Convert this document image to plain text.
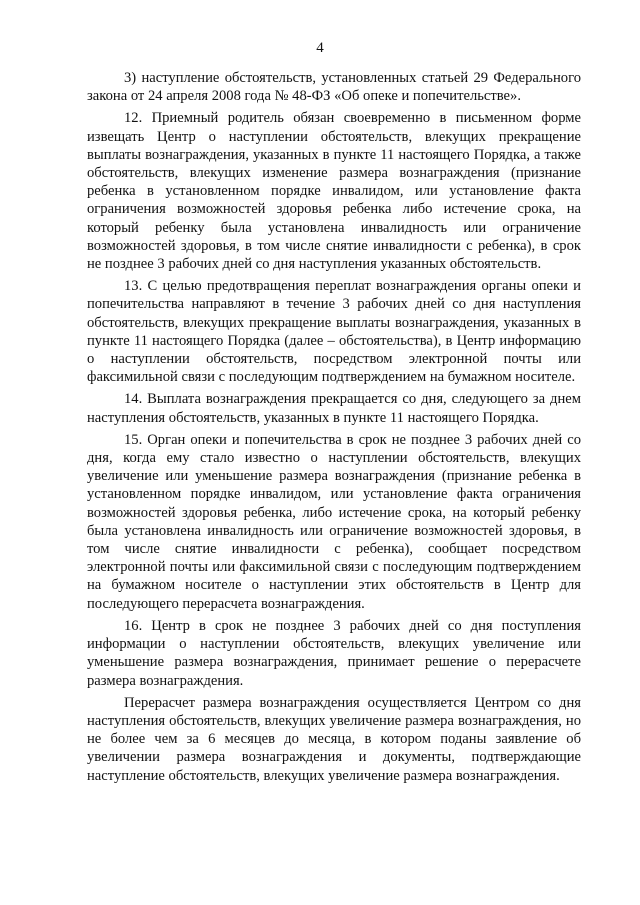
4

3) наступление обстоятельств, установленных статьей 29 Федерального закона от 24 апреля 2008 года № 48-ФЗ «Об опеке и попечительстве».

12. Приемный родитель обязан своевременно в письменном форме извещать Центр о наступлении обстоятельств, влекущих прекращение выплаты вознаграждения, указанных в пункте 11 настоящего Порядка, а также обстоятельств, влекущих изменение размера вознаграждения (признание ребенка в установленном порядке инвалидом, или установление факта ограничения возможностей здоровья ребенка либо истечение срока, на который ребенку была установлена инвалидность или ограничение возможностей здоровья, в том числе снятие инвалидности с ребенка), в срок не позднее 3 рабочих дней со дня наступления указанных обстоятельств.

13. С целью предотвращения переплат вознаграждения органы опеки и попечительства направляют в течение 3 рабочих дней со дня наступления обстоятельств, влекущих прекращение выплаты вознаграждения, указанных в пункте 11 настоящего Порядка (далее – обстоятельства), в Центр информацию о наступлении обстоятельств, посредством электронной почты или факсимильной связи с последующим подтверждением на бумажном носителе.

14. Выплата вознаграждения прекращается со дня, следующего за днем наступления обстоятельств, указанных в пункте 11 настоящего Порядка.

15. Орган опеки и попечительства в срок не позднее 3 рабочих дней со дня, когда ему стало известно о наступлении обстоятельств, влекущих увеличение или уменьшение размера вознаграждения (признание ребенка в установленном порядке инвалидом, или установление факта ограничения возможностей здоровья ребенка, либо истечение срока, на который ребенку была установлена инвалидность или ограничение возможностей здоровья, в том числе снятие инвалидности с ребенка), сообщает посредством электронной почты или факсимильной связи с последующим подтверждением на бумажном носителе о наступлении этих обстоятельств в Центр для последующего перерасчета вознаграждения.

16. Центр в срок не позднее 3 рабочих дней со дня поступления информации о наступлении обстоятельств, влекущих увеличение или уменьшение размера вознаграждения, принимает решение о перерасчете размера вознаграждения.

Перерасчет размера вознаграждения осуществляется Центром со дня наступления обстоятельств, влекущих увеличение размера вознаграждения, но не более чем за 6 месяцев до месяца, в котором поданы заявление об увеличении размера вознаграждения и документы, подтверждающие наступление обстоятельств, влекущих увеличение размера вознаграждения.
